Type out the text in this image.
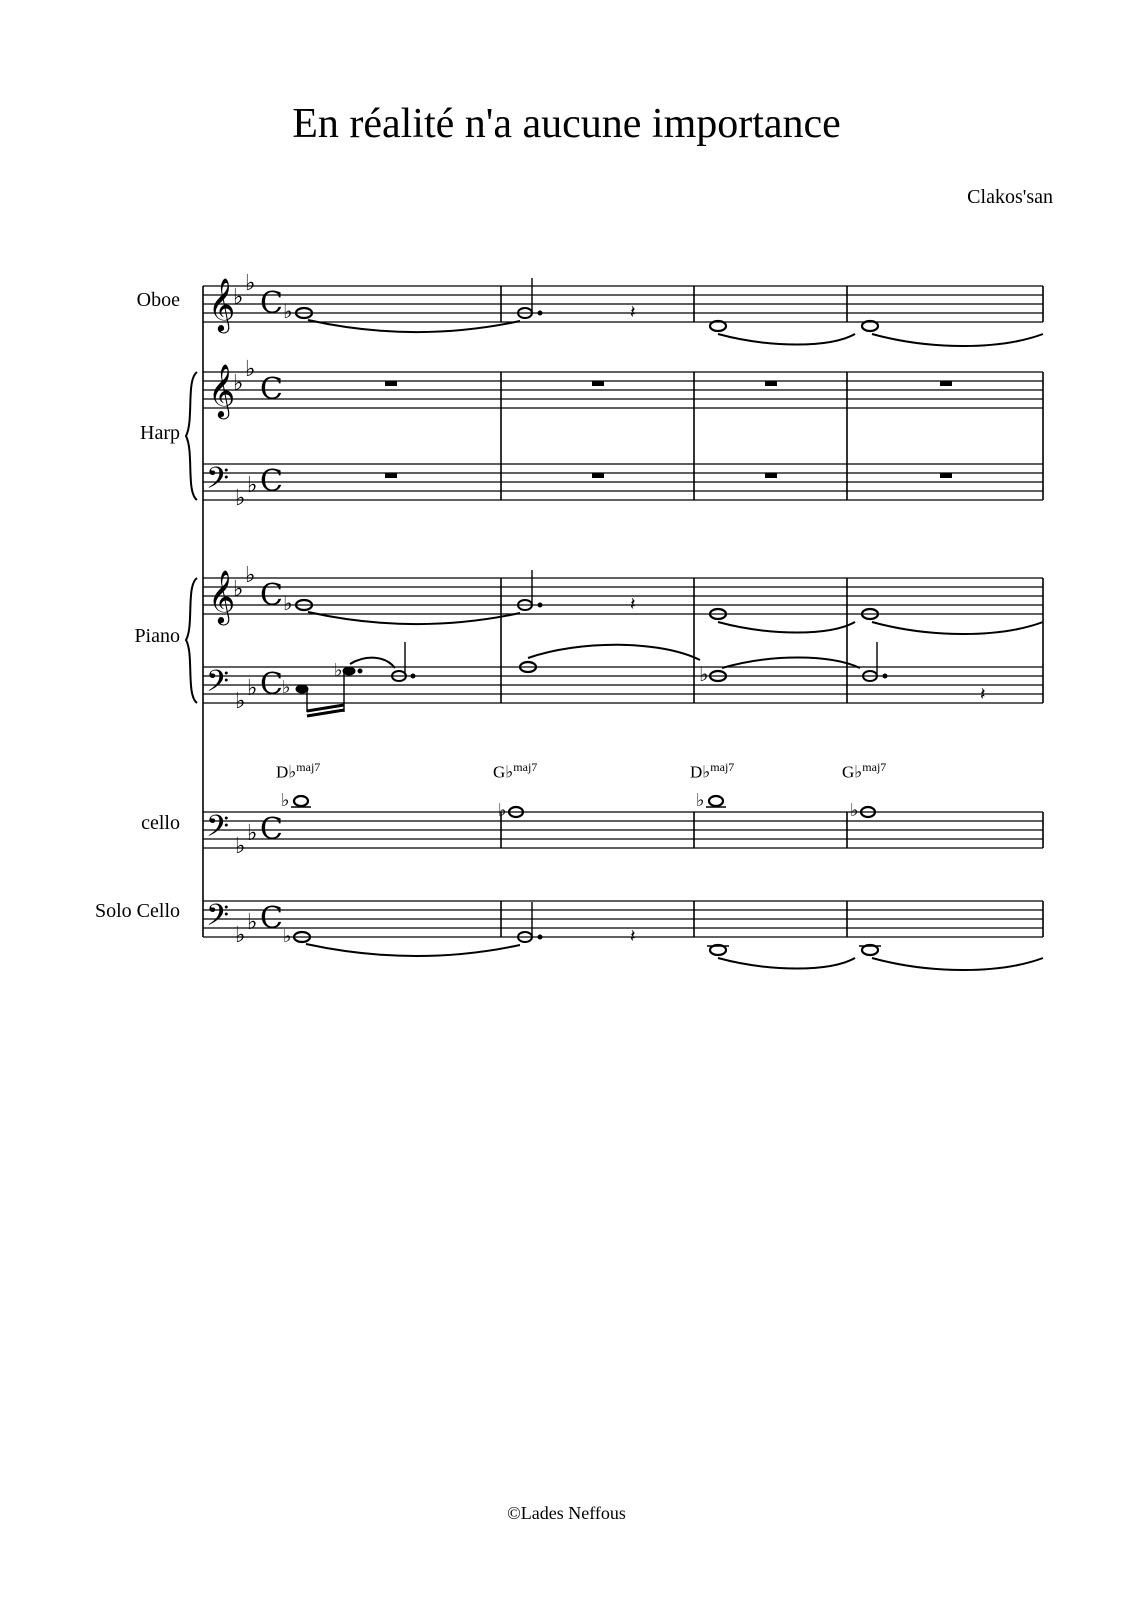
En réalité n'a aucune importance
Clakos'san
Oboe
Harp
Piano
cello
Solo Cello
D♭$^{maj7}$	G♭$^{maj7}$	D♭$^{maj7}$	G♭$^{maj7}$
𝄞
𝄞
𝄞
𝄢
𝄢
𝄢
𝄢
♭
♭
♭
♭
♭
♭
♭
♭
♭
♭
♭
♭
♭
♭
C
C
C
C
C
C
C
♭	𝄽
♭	𝄽
♭
♭	♭
𝄽
♭	♭	♭	♭
♭	𝄽
©Lades Neffous
